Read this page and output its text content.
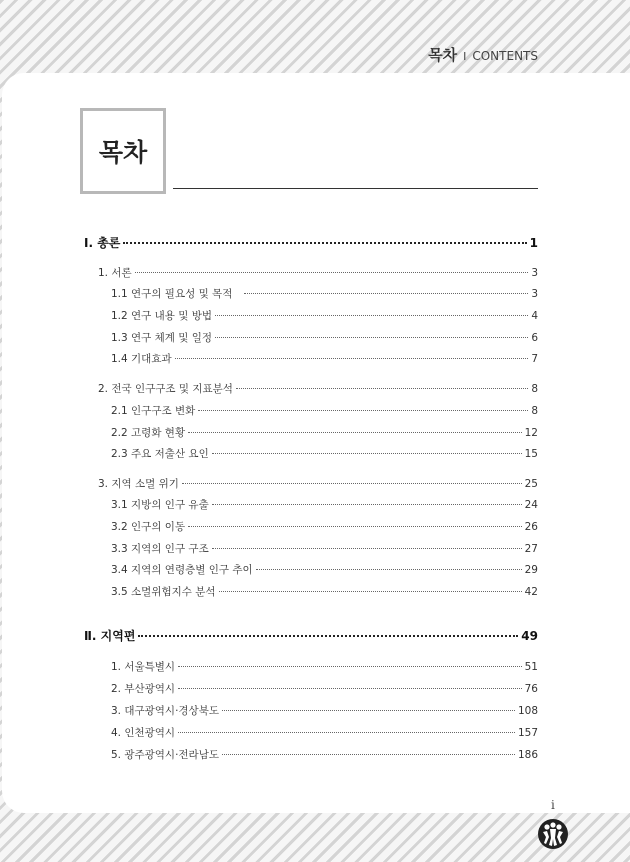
목차 I CONTENTS
목차
Ⅰ. 총론	1
1. 서론	3
1.1 연구의 필요성 및 목적	3
1.2 연구 내용 및 방법	4
1.3 연구 체계 및 일정	6
1.4 기대효과	7
2. 전국 인구구조 및 지표분석	8
2.1 인구구조 변화	8
2.2 고령화 현황	12
2.3 주요 저출산 요인	15
3. 지역 소멸 위기	25
3.1 지방의 인구 유출	24
3.2 인구의 이동	26
3.3 지역의 인구 구조	27
3.4 지역의 연령층별 인구 추이	29
3.5 소멸위험지수 분석	42
Ⅱ. 지역편	49
1. 서울특별시	51
2. 부산광역시	76
3. 대구광역시·경상북도	108
4. 인천광역시	157
5. 광주광역시·전라남도	186
i
